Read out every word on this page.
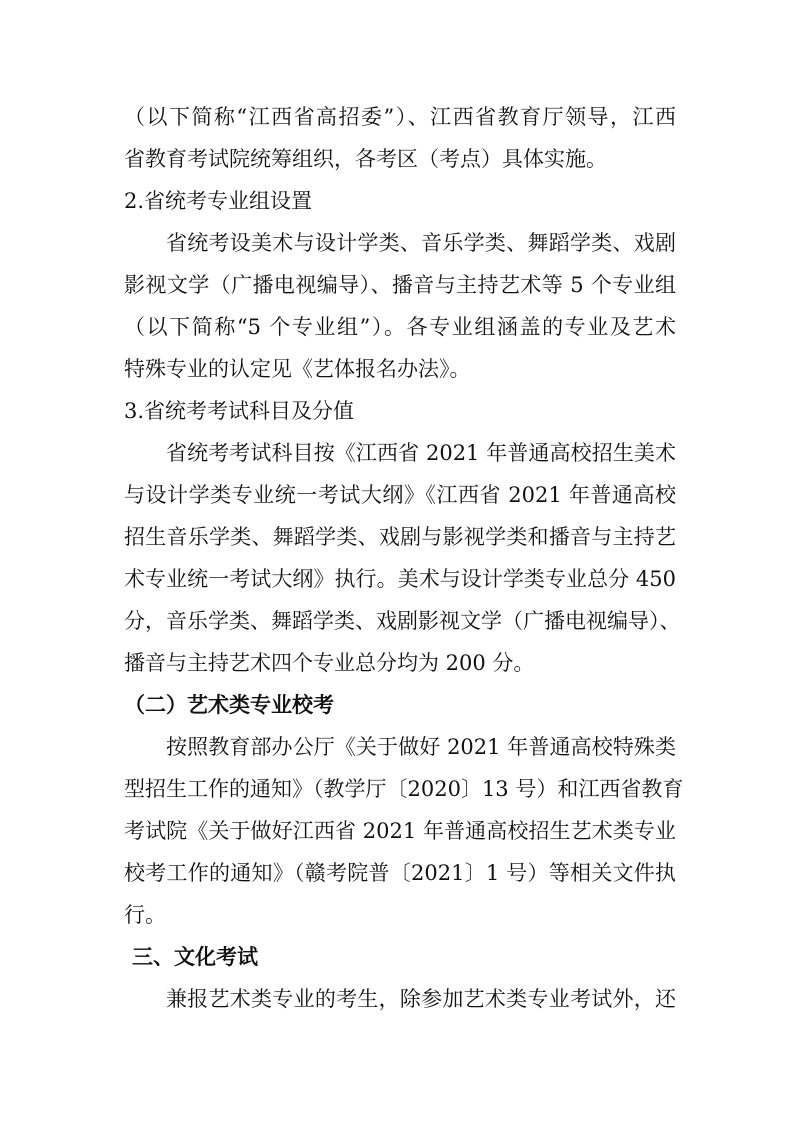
（以下简称“江西省高招委”）、江西省教育厅领导，江西
省教育考试院统筹组织，各考区（考点）具体实施。
2.省统考专业组设置
省统考设美术与设计学类、音乐学类、舞蹈学类、戏剧
影视文学（广播电视编导）、播音与主持艺术等 5 个专业组
（以下简称“5 个专业组”）。各专业组涵盖的专业及艺术
特殊专业的认定见《艺体报名办法》。
3.省统考考试科目及分值
省统考考试科目按《江西省 2021 年普通高校招生美术
与设计学类专业统一考试大纲》《江西省 2021 年普通高校
招生音乐学类、舞蹈学类、戏剧与影视学类和播音与主持艺
术专业统一考试大纲》执行。美术与设计学类专业总分 450
分，音乐学类、舞蹈学类、戏剧影视文学（广播电视编导）、
播音与主持艺术四个专业总分均为 200 分。
（二）艺术类专业校考
按照教育部办公厅《关于做好 2021 年普通高校特殊类
型招生工作的通知》（教学厅〔2020〕13 号）和江西省教育
考试院《关于做好江西省 2021 年普通高校招生艺术类专业
校考工作的通知》（赣考院普〔2021〕1 号）等相关文件执
行。
三、文化考试
兼报艺术类专业的考生，除参加艺术类专业考试外，还
